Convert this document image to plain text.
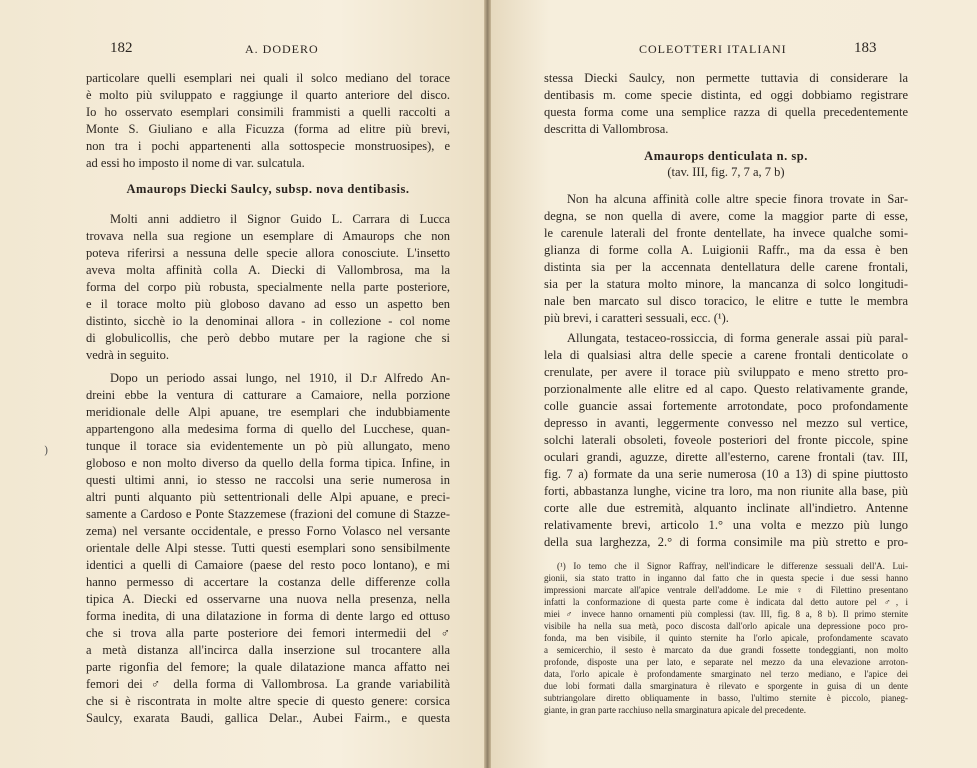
182	A. DODERO
particolare quelli esemplari nei quali il solco mediano del torace
è molto più sviluppato e raggiunge il quarto anteriore del disco.
Io ho osservato esemplari consimili frammisti a quelli raccolti a
Monte S. Giuliano e alla Ficuzza (forma ad elitre più brevi,
non tra i pochi appartenenti alla sottospecie monstruosipes), e
ad essi ho imposto il nome di var. sulcatula.
Amaurops Diecki Saulcy, subsp. nova dentibasis.
Molti anni addietro il Signor Guido L. Carrara di Lucca
trovava nella sua regione un esemplare di Amaurops che non
poteva riferirsi a nessuna delle specie allora conosciute. L'insetto
aveva molta affinità colla A. Diecki di Vallombrosa, ma la
forma del corpo più robusta, specialmente nella parte posteriore,
e il torace molto più globoso davano ad esso un aspetto ben
distinto, sicchè io la denominai allora - in collezione - col nome
di globulicollis, che però debbo mutare per la ragione che si
vedrà in seguito.
Dopo un periodo assai lungo, nel 1910, il D.r Alfredo An-
dreini ebbe la ventura di catturare a Camaiore, nella porzione
meridionale delle Alpi apuane, tre esemplari che indubbiamente
appartengono alla medesima forma di quello del Lucchese, quan-
tunque il torace sia evidentemente un pò più allungato, meno
globoso e non molto diverso da quello della forma tipica. Infine, in
questi ultimi anni, io stesso ne raccolsi una serie numerosa in
altri punti alquanto più settentrionali delle Alpi apuane, e preci-
samente a Cardoso e Ponte Stazzemese (frazioni del comune di Stazze-
zema) nel versante occidentale, e presso Forno Volasco nel versante
orientale delle Alpi stesse. Tutti questi esemplari sono sensibilmente
identici a quelli di Camaiore (paese del resto poco lontano), e mi
hanno permesso di accertare la costanza delle differenze colla
tipica A. Diecki ed osservarne una nuova nella presenza, nella
forma inedita, di una dilatazione in forma di dente largo ed ottuso
che si trova alla parte posteriore dei femori intermedii del ♂
a metà distanza all'incirca dalla inserzione sul trocantere alla
parte rigonfia del femore; la quale dilatazione manca affatto nei
femori dei ♂ della forma di Vallombrosa. La grande variabilità
che si è riscontrata in molte altre specie di questo genere: corsica
Saulcy, exarata Baudi, gallica Delar., Aubei Fairm., e questa
)
COLEOTTERI ITALIANI	183
stessa Diecki Saulcy, non permette tuttavia di considerare la
dentibasis m. come specie distinta, ed oggi dobbiamo registrare
questa forma come una semplice razza di quella precedentemente
descritta di Vallombrosa.
Amaurops denticulata n. sp.
(tav. III, fig. 7, 7 a, 7 b)
Non ha alcuna affinità colle altre specie finora trovate in Sar-
degna, se non quella di avere, come la maggior parte di esse,
le carenule laterali del fronte dentellate, ha invece qualche somi-
glianza di forme colla A. Luigionii Raffr., ma da essa è ben
distinta sia per la accennata dentellatura delle carene frontali,
sia per la statura molto minore, la mancanza di solco longitudi-
nale ben marcato sul disco toracico, le elitre e tutte le membra
più brevi, i caratteri sessuali, ecc. (¹).
Allungata, testaceo-rossiccia, di forma generale assai più paral-
lela di qualsiasi altra delle specie a carene frontali denticolate o
crenulate, per avere il torace più sviluppato e meno stretto pro-
porzionalmente alle elitre ed al capo. Questo relativamente grande,
colle guancie assai fortemente arrotondate, poco profondamente
depresso in avanti, leggermente convesso nel mezzo sul vertice,
solchi laterali obsoleti, foveole posteriori del fronte piccole, spine
oculari grandi, aguzze, dirette all'esterno, carene frontali (tav. III,
fig. 7 a) formate da una serie numerosa (10 a 13) di spine piuttosto
forti, abbastanza lunghe, vicine tra loro, ma non riunite alla base, più
corte alle due estremità, alquanto inclinate all'indietro. Antenne
relativamente brevi, articolo 1.° una volta e mezzo più lungo
della sua larghezza, 2.° di forma consimile ma più stretto e pro-
(¹) Io temo che il Signor Raffray, nell'indicare le differenze sessuali dell'A. Lui-
gionii, sia stato tratto in inganno dal fatto che in questa specie i due sessi hanno
impressioni marcate all'apice ventrale dell'addome. Le mie ♀ di Filettino presentano
infatti la conformazione di questa parte come è indicata dal detto autore pel ♂, i
miei ♂ invece hanno ornamenti più complessi (tav. III, fig. 8 a, 8 b). Il primo sternite
visibile ha nella sua metà, poco discosta dall'orlo apicale una depressione poco pro-
fonda, ma ben visibile, il quinto sternite ha l'orlo apicale, profondamente scavato
a semicerchio, il sesto è marcato da due grandi fossette tondeggianti, non molto
profonde, disposte una per lato, e separate nel mezzo da una elevazione arroton-
data, l'orlo apicale è profondamente smarginato nel terzo mediano, e l'apice dei
due lobi formati dalla smarginatura è rilevato e sporgente in guisa di un dente
subtriangolare diretto obliquamente in basso, l'ultimo sternite è piccolo, pianeg-
giante, in gran parte racchiuso nella smarginatura apicale del precedente.
